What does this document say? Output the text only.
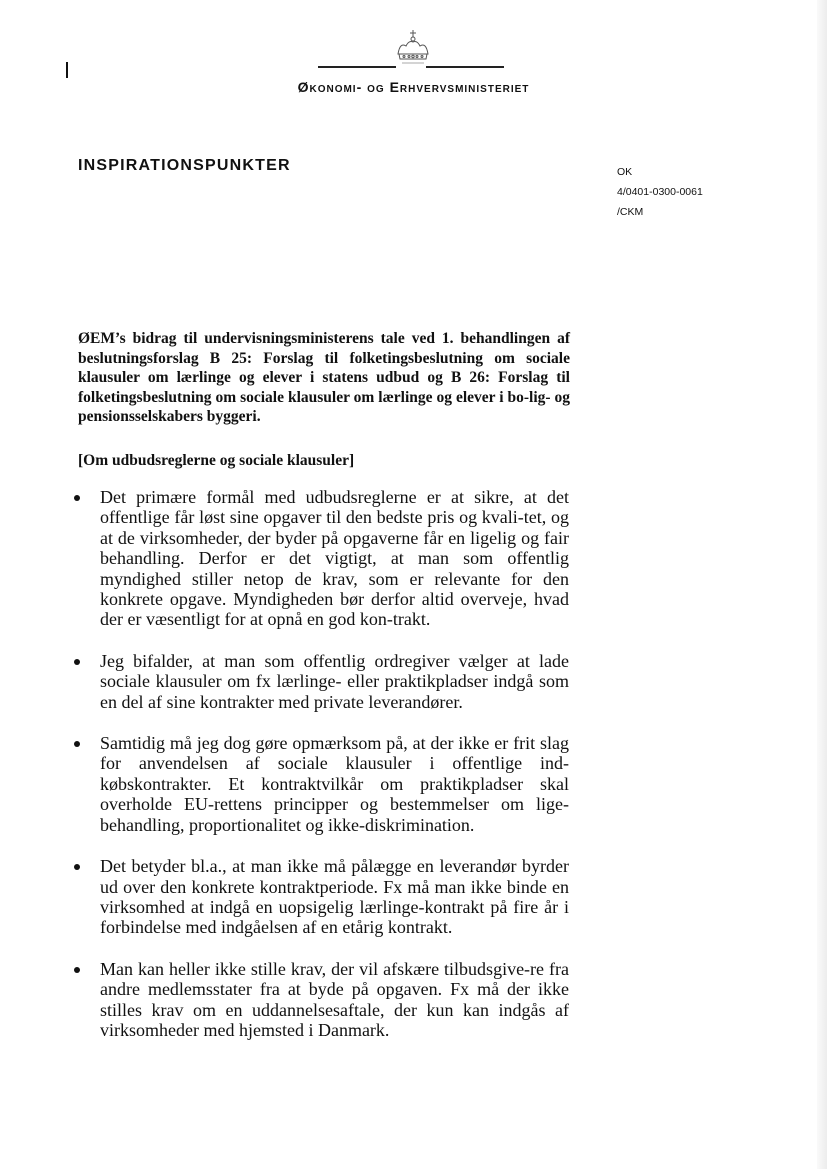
Økonomi- og Erhvervsministeriet
INSPIRATIONSPUNKTER	OK
4/0401-0300-0061
/CKM

ØEM’s bidrag til undervisningsministerens tale ved 1. behandlingen af beslutningsforslag B 25: Forslag til folketingsbeslutning om sociale klausuler om lærlinge og elever i statens udbud og B 26: Forslag til folketingsbeslutning om sociale klausuler om lærlinge og elever i bo-lig- og pensionsselskabers byggeri.

[Om udbudsreglerne og sociale klausuler]

Det primære formål med udbudsreglerne er at sikre, at det offentlige får løst sine opgaver til den bedste pris og kvali-tet, og at de virksomheder, der byder på opgaverne får en ligelig og fair behandling. Derfor er det vigtigt, at man som offentlig myndighed stiller netop de krav, som er relevante for den konkrete opgave. Myndigheden bør derfor altid overveje, hvad der er væsentligt for at opnå en god kon-trakt.
Jeg bifalder, at man som offentlig ordregiver vælger at lade sociale klausuler om fx lærlinge- eller praktikpladser indgå som en del af sine kontrakter med private leverandører.
Samtidig må jeg dog gøre opmærksom på, at der ikke er frit slag for anvendelsen af sociale klausuler i offentlige ind-købskontrakter. Et kontraktvilkår om praktikpladser skal overholde EU-rettens principper og bestemmelser om lige-behandling, proportionalitet og ikke-diskrimination.
Det betyder bl.a., at man ikke må pålægge en leverandør byrder ud over den konkrete kontraktperiode. Fx må man ikke binde en virksomhed at indgå en uopsigelig lærlinge-kontrakt på fire år i forbindelse med indgåelsen af en etårig kontrakt.
Man kan heller ikke stille krav, der vil afskære tilbudsgive-re fra andre medlemsstater fra at byde på opgaven. Fx må der ikke stilles krav om en uddannelsesaftale, der kun kan indgås af virksomheder med hjemsted i Danmark.
